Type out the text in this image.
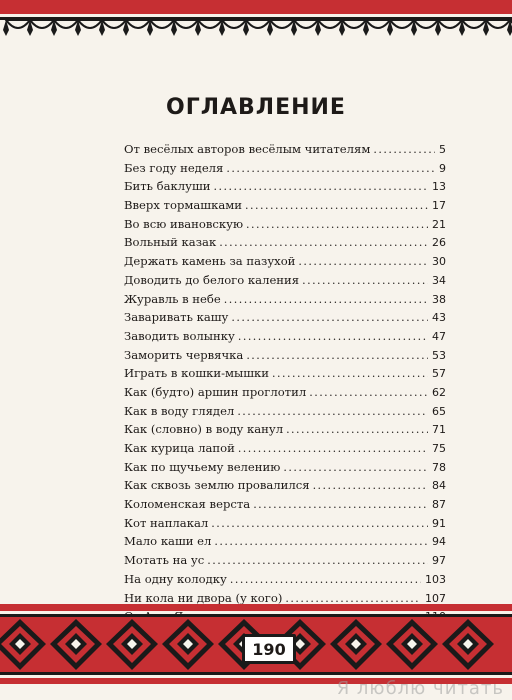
ОГЛАВЛЕНИЕ
От весёлых авторов весёлым читателям . . .	5
Без году неделя . . .	9
Бить баклуши . . .	13
Вверх тормашками . . .	17
Во всю ивановскую . . .	21
Вольный казак . . .	26
Держать камень за пазухой . . .	30
Доводить до белого каления . . .	34
Журавль в небе . . .	38
Заваривать кашу . . .	43
Заводить волынку . . .	47
Заморить червячка . . .	53
Играть в кошки-мышки . . .	57
Как (будто) аршин проглотил . . .	62
Как в воду глядел . . .	65
Как (словно) в воду канул . . .	71
Как курица лапой . . .	75
Как по щучьему велению . . .	78
Как сквозь землю провалился . . .	84
Коломенская верста . . .	87
Кот наплакал . . .	91
Мало каши ел . . .	94
Мотать на ус . . .	97
На одну колодку . . .	103
Ни кола ни двора (у кого) . . .	107
. . .
. . .
190
Я люблю читать
